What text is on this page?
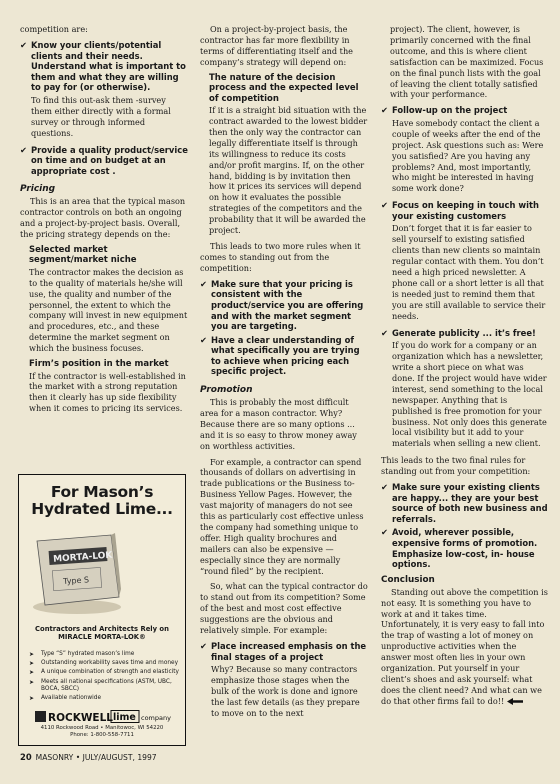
competition are:

✔ Know your clients/potential clients and their needs. Understand what is important to them and what they are willing to pay for (or otherwise).

To find this out-ask them -survey them either directly with a formal survey or through informed questions.

✔ Provide a quality product/service on time and on budget at an appropriate cost .
Pricing

This is an area that the typical mason contractor controls on both an ongoing and a project-by-project basis. Overall, the pricing strategy depends on the:

Selected market segment/market niche

The contractor makes the decision as to the quality of materials he/she will use, the quality and number of the personnel, the extent to which the company will invest in new equipment and procedures, etc., and these determine the market segment on which the business focuses.

Firm’s position in the market

If the contractor is well-established in the market with a strong reputation then it clearly has up side flexibility when it comes to pricing its services.

For Mason’s Hydrated Lime...
MORTA-LOK
Type S
Contractors and Architects Rely on MIRACLE MORTA-LOK®
➤ Type “S” hydrated mason’s lime
➤ Outstanding workability saves time and money
➤ A unique combination of strength and elasticity
➤ Meets all national specifications (ASTM, UBC, BOCA, SBCC)
➤ Available nationwide
ROCKWELL lime company
4110 Rockwood Road • Manitowoc, WI 54220
Phone: 1-800-558-7711

On a project-by-project basis, the contractor has far more flexibility in terms of differentiating itself and the company’s strategy will depend on:

The nature of the decision process and the expected level of competition

If it is a straight bid situation with the contract awarded to the lowest bidder then the only way the contractor can legally differentiate itself is through its willingness to reduce its costs and/or profit margins. If, on the other hand, bidding is by invitation then how it prices its services will depend on how it evaluates the possible strategies of the competitors and the probability that it will be awarded the project.

This leads to two more rules when it comes to standing out from the competition:

✔ Make sure that your pricing is consistent with the product/service you are offering and with the market segment you are targeting.
✔ Have a clear understanding of what specifically you are trying to achieve when pricing each specific project.
Promotion

This is probably the most difficult area for a mason contractor. Why? Because there are so many options ... and it is so easy to throw money away on worthless activities.

For example, a contractor can spend thousands of dollars on advertising in trade publications or the Business to-Business Yellow Pages. However, the vast majority of managers do not see this as particularly cost effective unless the company had something unique to offer. High quality brochures and mailers can also be expensive — especially since they are normally “round filed” by the recipient.

So, what can the typical contractor do to stand out from its competition? Some of the best and most cost effective suggestions are the obvious and relatively simple. For example:

✔ Place increased emphasis on the final stages of a project

Why? Because so many contractors emphasize those stages when the bulk of the work is done and ignore the last few details (as they prepare to move on to the next

project). The client, however, is primarily concerned with the final outcome, and this is where client satisfaction can be maximized. Focus on the final punch lists with the goal of leaving the client totally satisfied with your performance.

✔ Follow-up on the project

Have somebody contact the client a couple of weeks after the end of the project. Ask questions such as: Were you satisfied? Are you having any problems? And, most importantly, who might be interested in having some work done?

✔ Focus on keeping in touch with your existing customers

Don’t forget that it is far easier to sell yourself to existing satisfied clients than new clients so maintain regular contact with them. You don’t need a high priced newsletter. A phone call or a short letter is all that is needed just to remind them that you are still available to service their needs.

✔ Generate publicity ... it’s free!

If you do work for a company or an organization which has a newsletter, write a short piece on what was done. If the project would have wider interest, send something to the local newspaper. Anything that is published is free promotion for your business. Not only does this generate local visibility but it add to your materials when selling a new client.

This leads to the two final rules for standing out from your competition:

✔ Make sure your existing clients are happy... they are your best source of both new business and referrals.
✔ Avoid, wherever possible, expensive forms of promotion. Emphasize low-cost, in- house options.
Conclusion

Standing out above the competition is not easy. It is something you have to work at and it takes time. Unfortunately, it is very easy to fall into the trap of wasting a lot of money on unproductive activities when the answer most often lies in your own organization. Put yourself in your client’s shoes and ask yourself: what does the client need? And what can we do that other firms fail to do!!

20 MASONRY • JULY/AUGUST, 1997
